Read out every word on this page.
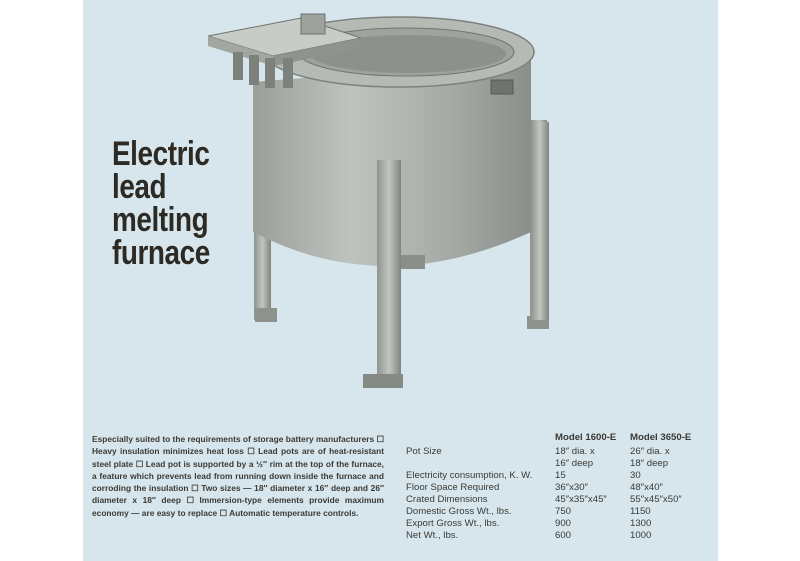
Electric
lead
melting
furnace
Especially suited to the requirements of storage battery manufacturers ☐ Heavy insulation minimizes heat loss ☐ Lead pots are of heat-resistant steel plate ☐ Lead pot is supported by a ½″ rim at the top of the furnace, a feature which prevents lead from running down inside the furnace and corroding the insulation ☐ Two sizes — 18″ diameter x 16″ deep and 26″ diameter x 18″ deep ☐ Immersion-type elements provide maximum economy — are easy to replace ☐ Automatic temperature controls.
Model 1600-E Model 3650-E
Pot Size	18″ dia. x	26″ dia. x
16″ deep	18″ deep
Electricity consumption, K. W. 15	30
Floor Space Required	36″x30″	48″x40″
Crated Dimensions	45″x35″x45″ 55″x45″x50″
Domestic Gross Wt., lbs.	750	1150
Export Gross Wt., lbs.	900	1300
Net Wt., lbs.	600	1000
